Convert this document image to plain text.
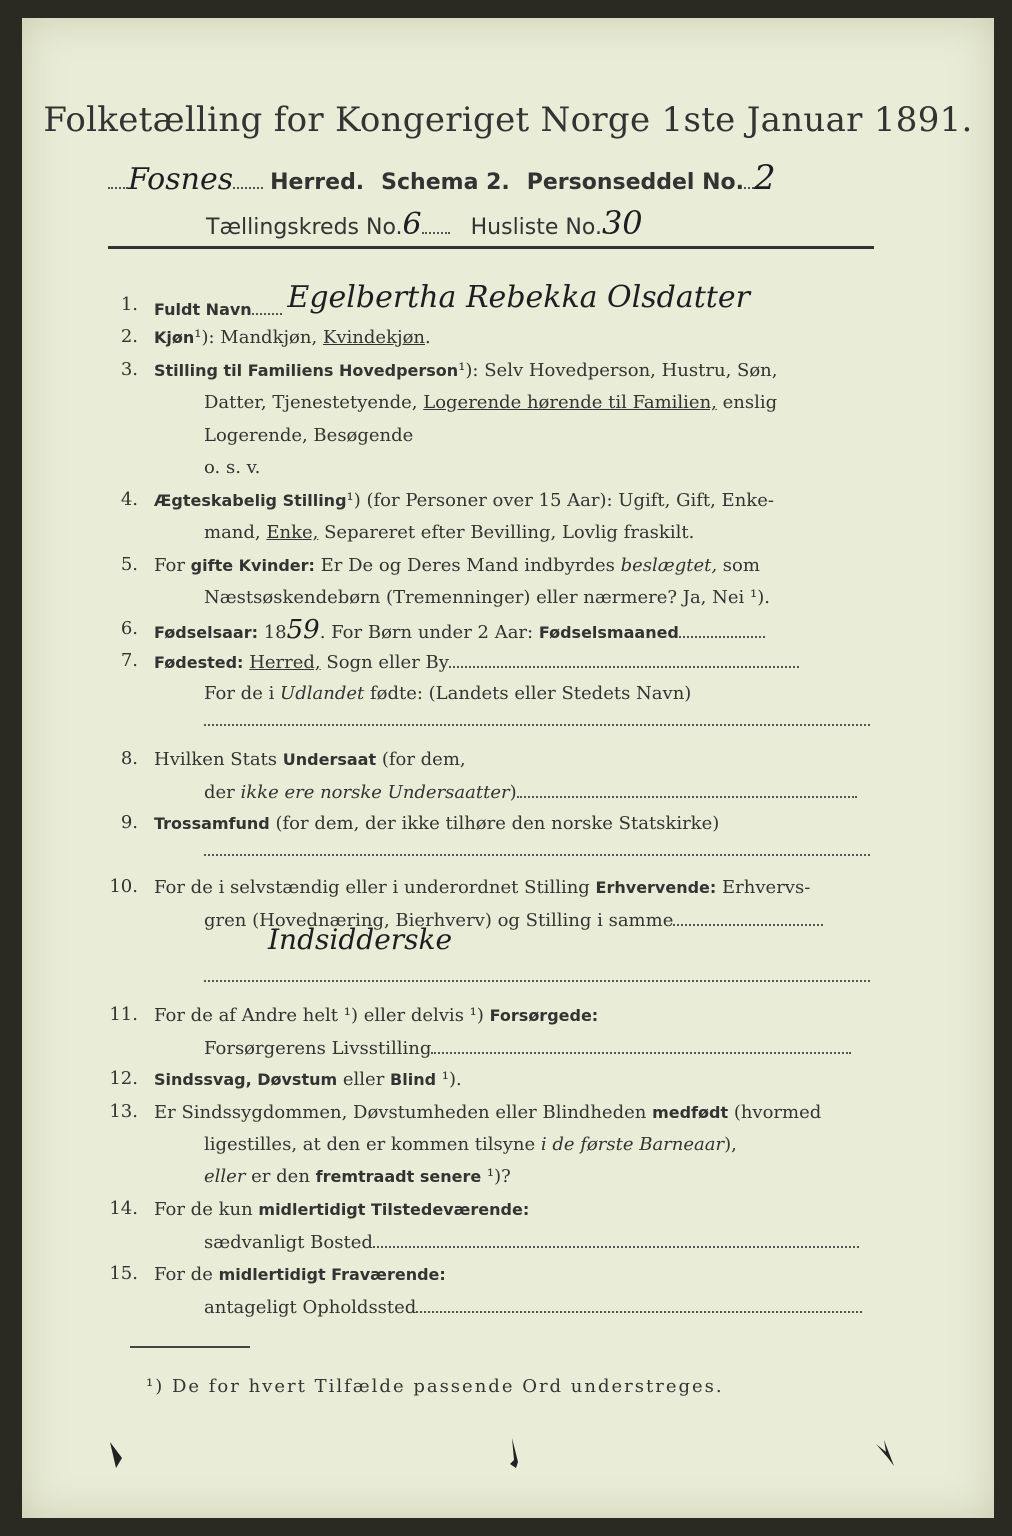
Folketælling for Kongeriget Norge 1ste Januar 1891.
Fosnes Herred. Schema 2. Personseddel No. 2
Tællingskreds No.6 Husliste No.30
1. Fuldt Navn Egelbertha Rebekka Olsdatter
2. Kjøn¹): Mandkjøn, Kvindekjøn.
3. Stilling til Familiens Hovedperson¹): Selv Hovedperson, Hustru, Søn,
Datter, Tjenestetyende, Logerende hørende til Familien, enslig
Logerende, Besøgende
o. s. v.
4. Ægteskabelig Stilling¹) (for Personer over 15 Aar): Ugift, Gift, Enke-
mand, Enke, Separeret efter Bevilling, Lovlig fraskilt.
5. For gifte Kvinder: Er De og Deres Mand indbyrdes beslægtet, som
Næstsøskendebørn (Tremenninger) eller nærmere? Ja, Nei ¹).
6. Fødselsaar: 1859. For Børn under 2 Aar: Fødselsmaaned
7. Fødested: Herred, Sogn eller By
For de i Udlandet fødte: (Landets eller Stedets Navn)
8. Hvilken Stats Undersaat (for dem,
der ikke ere norske Undersaatter)
9. Trossamfund (for dem, der ikke tilhøre den norske Statskirke)
10. For de i selvstændig eller i underordnet Stilling Erhvervende: Erhvervs-
gren (Hovednæring, Bierhverv) og Stilling i samme
Indsidderske
11. For de af Andre helt ¹) eller delvis ¹) Forsørgede:
Forsørgerens Livsstilling
12. Sindssvag, Døvstum eller Blind ¹).
13. Er Sindssygdommen, Døvstumheden eller Blindheden medfødt (hvormed
ligestilles, at den er kommen tilsyne i de første Barneaar),
eller er den fremtraadt senere ¹)?
14. For de kun midlertidigt Tilstedeværende:
sædvanligt Bosted
15. For de midlertidigt Fraværende:
antageligt Opholdssted
¹) De for hvert Tilfælde passende Ord understreges.
